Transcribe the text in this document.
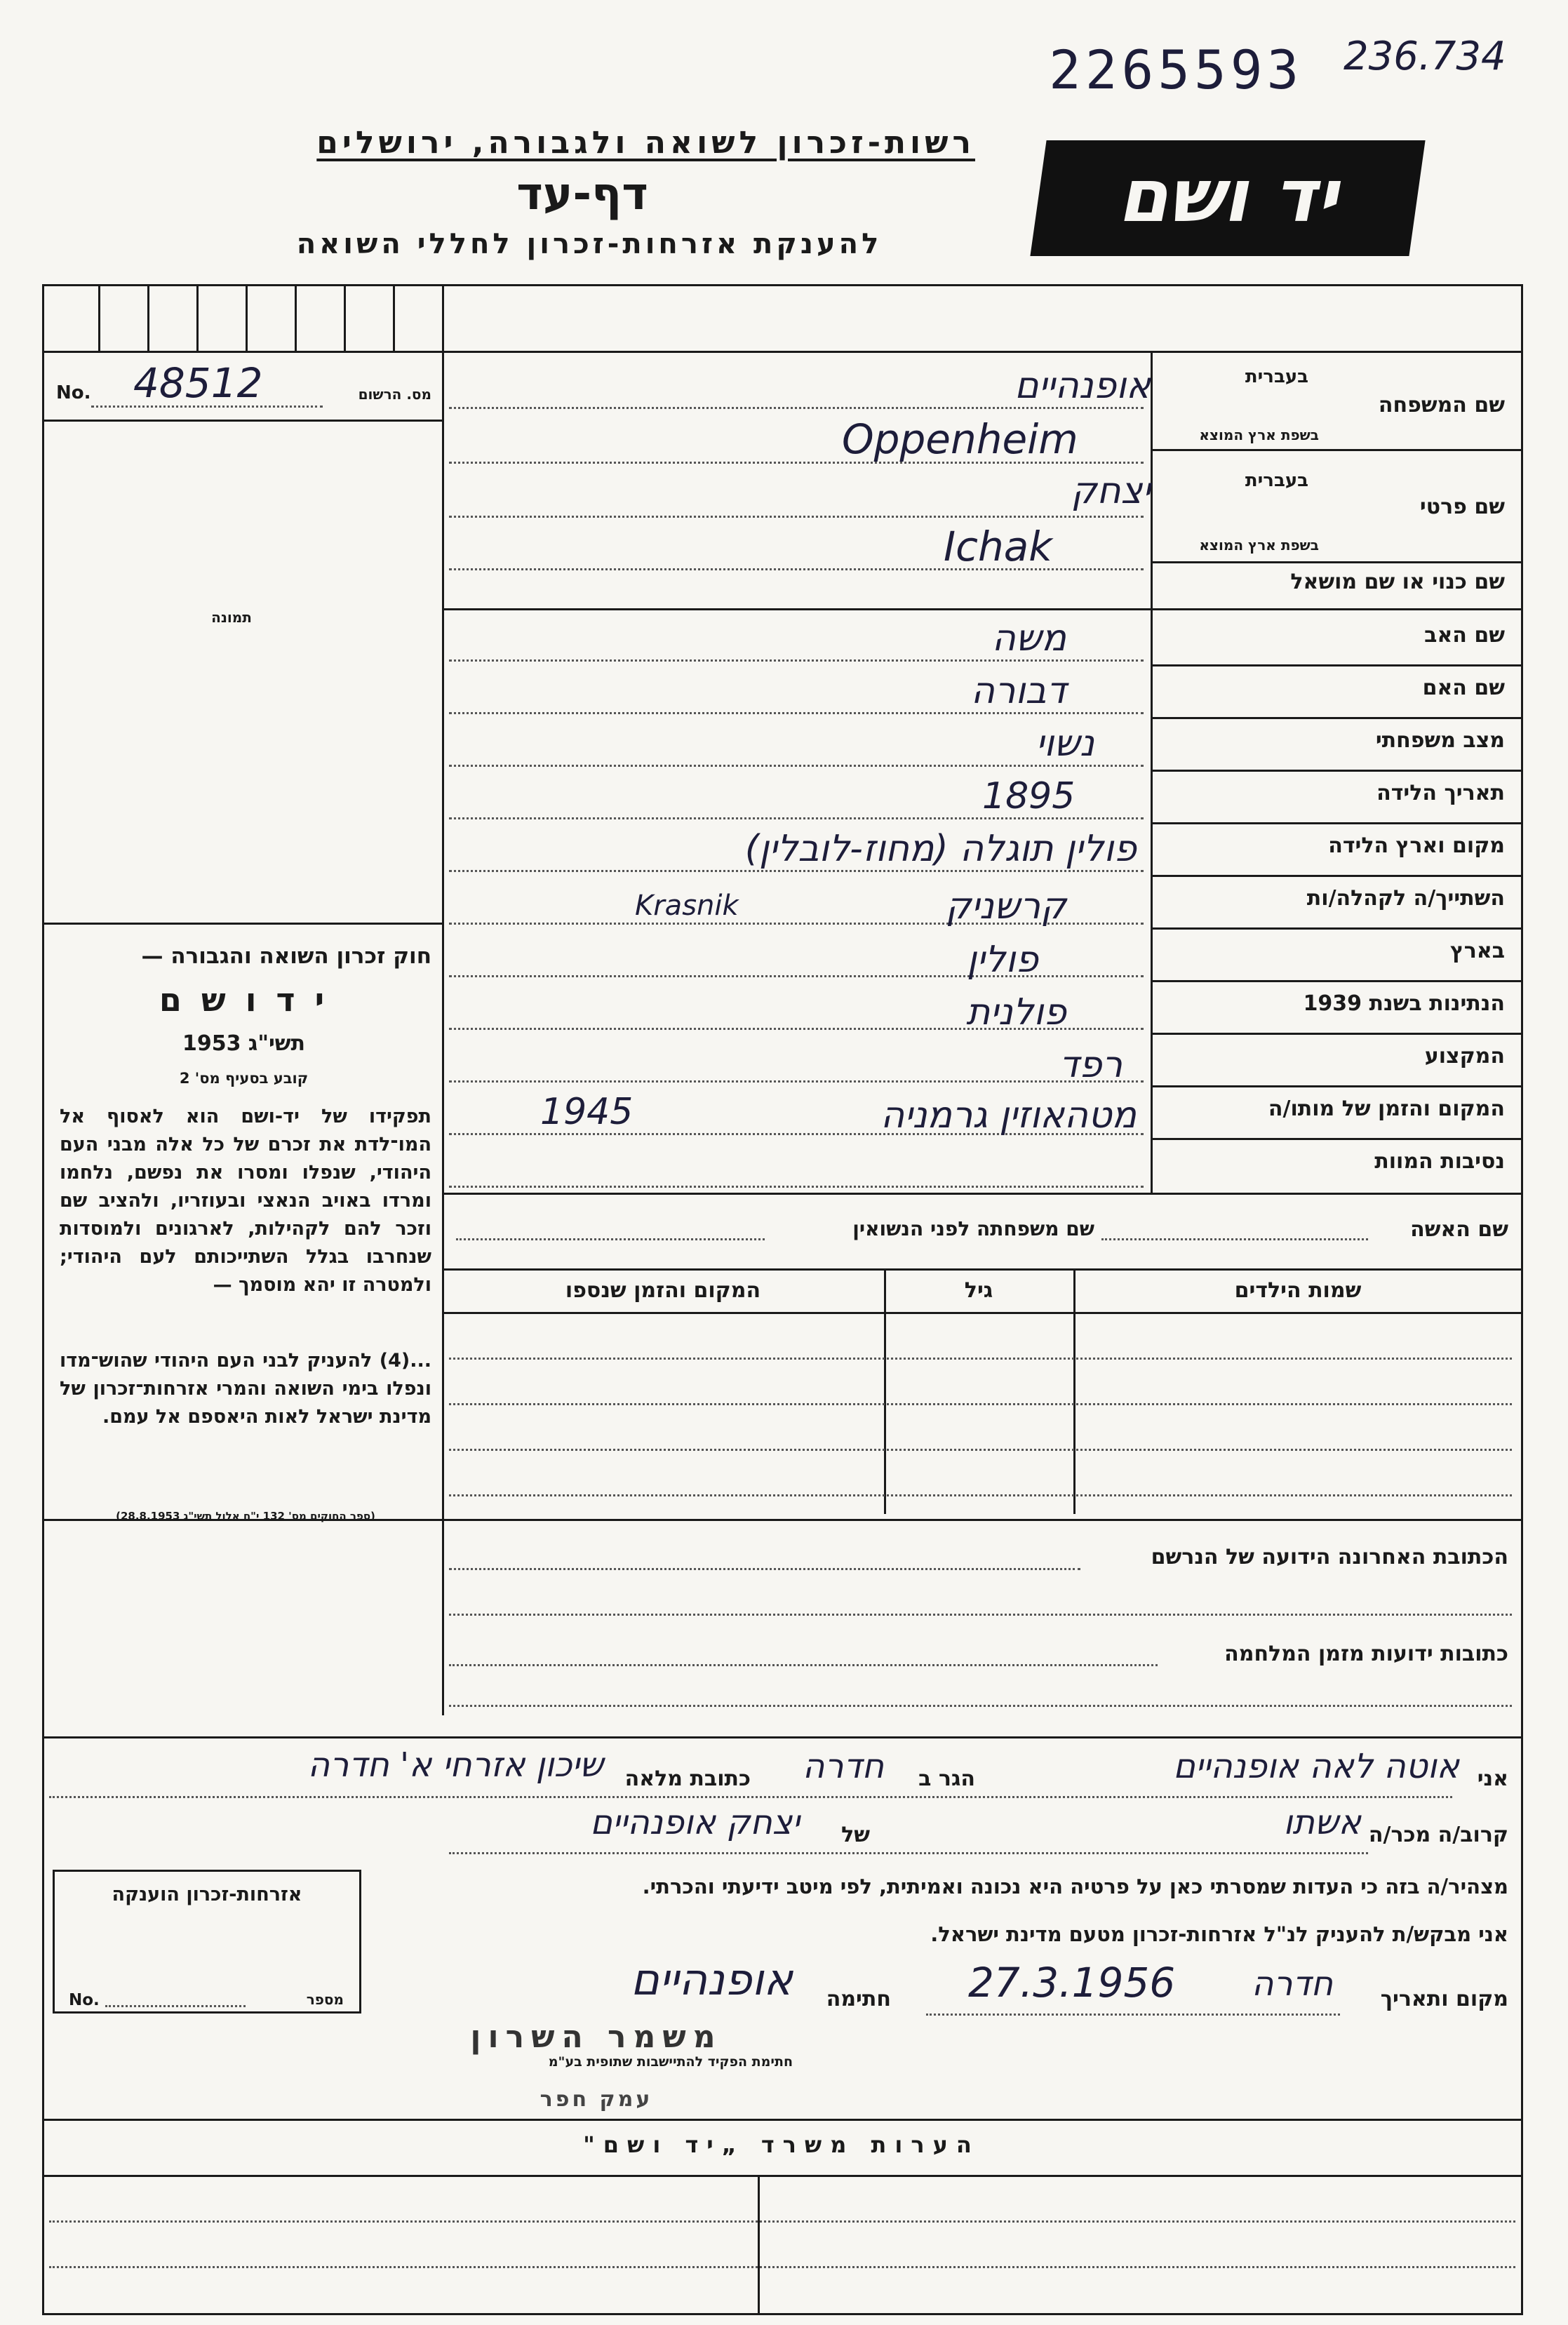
2265593 236.734
רשות-זכרון לשואה ולגבורה, ירושלים
דף-עד
להענקת אזרחות-זכרון לחללי השואה
יד ושם
No. 48512	מס. הרשום
תמונה
חוק זכרון השואה והגבורה —
י ד ו ש ם
תשי"ג 1953
קובע בסעיף מס' 2
תפקידו של יד-ושם הוא לאסוף אל המו־לדת את זכרם של כל אלה מבני העם היהודי, שנפלו ומסרו את נפשם, נלחמו ומרדו באויב הנאצי ובעוזריו, ולהציב שם וזכר להם לקהילות, לארגונים ולמוסדות שנחרבו בגלל השתייכותם לעם היהודי; ולמטרה זו יהא מוסמך —
...(4) להעניק לבני העם היהודי שהוש־מדו ונפלו בימי השואה והמרי אזרחות־זכרון של מדינת ישראל לאות היאספם אל עמם.
(ספר החוקים מס' 132 י"ח אלול תשי"ג 28.8.1953)
שם המשפחה
בעברית
בשפת ארץ המוצא
שם פרטי
בעברית
בשפת ארץ המוצא
שם כנוי או שם מושאל
שם האב
שם האם
מצב משפחתי
תאריך הלידה
מקום וארץ הלידה
השתייך/ה לקהלה/ות
בארץ
הנתינות בשנת 1939
המקצוע
המקום והזמן של מותו/ה
נסיבות המוות
אופנהיים
Oppenheim
יצחק
Ichak
משה
דבורה
נשוי
1895
פולין תוגלה (מחוז-לובלין)
קרשניק
Krasnik
פולין
פולנית
רפד
מטהאוזין גרמניה
1945
שם האשה
שם משפחתה לפני הנשואין
שמות הילדים
גיל
המקום והזמן שנספו
הכתובת האחרונה הידועה של הנרשם
כתובות ידועות מזמן המלחמה
אני
אוטה לאה אופנהיים
הגר ב
חדרה
כתובת מלאה
שיכון אזרחי א' חדרה
קרוב/ה מכר/ה
אשתו
של
יצחק אופנהיים
מצהיר/ה בזה כי העדות שמסרתי כאן על פרטיה היא נכונה ואמיתית, לפי מיטב ידיעתי והכרתי.
אני מבקש/ת להעניק לנ"ל אזרחות-זכרון מטעם מדינת ישראל.
מקום ותאריך
חדרה
27.3.1956
חתימה
אופנהיים
משמר השרון
חתימת הפקיד להתיישבות שתופית בע"מ
עמק חפר
אזרחות-זכרון הוענקה
No.	מספר
הערות משרד „יד ושם"
